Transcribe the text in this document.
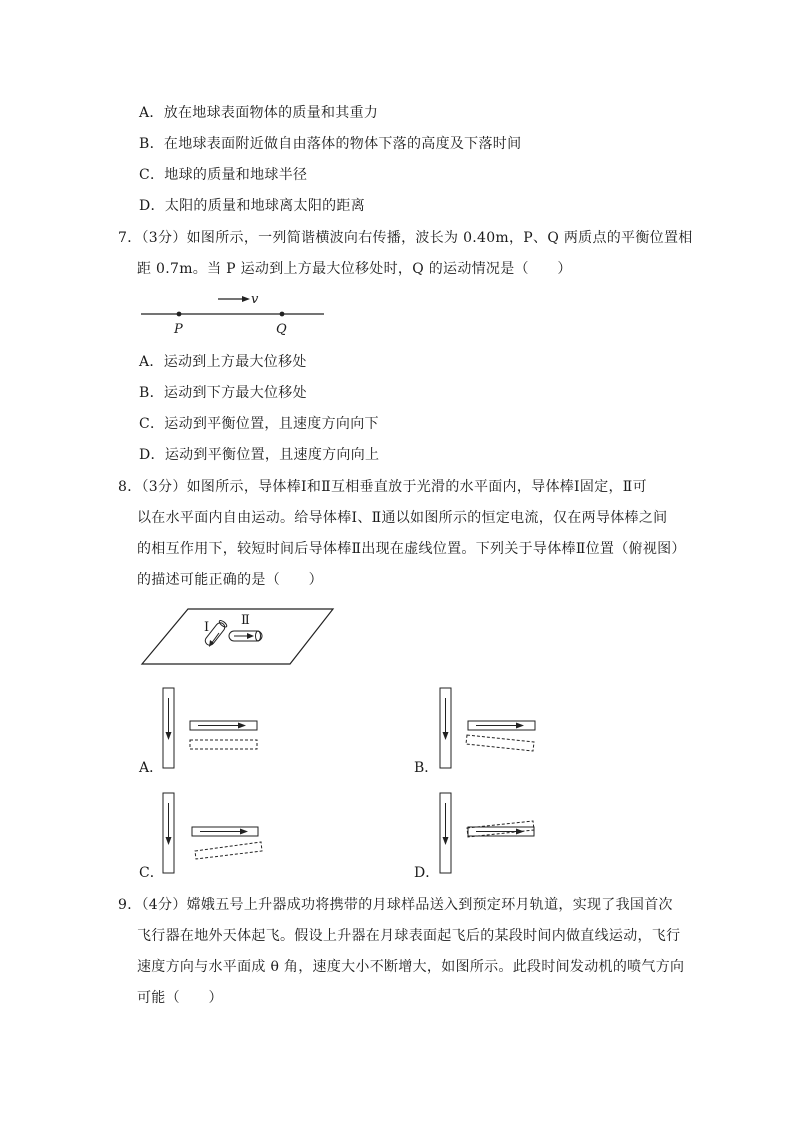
A．放在地球表面物体的质量和其重力
B．在地球表面附近做自由落体的物体下落的高度及下落时间
C．地球的质量和地球半径
D．太阳的质量和地球离太阳的距离
7．（3分）如图所示，一列简谐横波向右传播，波长为 0.40m，P、Q 两质点的平衡位置相
距 0.7m。当 P 运动到上方最大位移处时，Q 的运动情况是（　　）
v
P	Q
A．运动到上方最大位移处
B．运动到下方最大位移处
C．运动到平衡位置，且速度方向向下
D．运动到平衡位置，且速度方向向上
8．（3分）如图所示，导体棒Ⅰ和Ⅱ互相垂直放于光滑的水平面内，导体棒Ⅰ固定，Ⅱ可
以在水平面内自由运动。给导体棒Ⅰ、Ⅱ通以如图所示的恒定电流，仅在两导体棒之间
的相互作用下，较短时间后导体棒Ⅱ出现在虚线位置。下列关于导体棒Ⅱ位置（俯视图）
的描述可能正确的是（　　）
Ⅰ Ⅱ
A．	B．
C．	D．
9．（4分）嫦娥五号上升器成功将携带的月球样品送入到预定环月轨道，实现了我国首次
飞行器在地外天体起飞。假设上升器在月球表面起飞后的某段时间内做直线运动，飞行
速度方向与水平面成 θ 角，速度大小不断增大，如图所示。此段时间发动机的喷气方向
可能（　　）
